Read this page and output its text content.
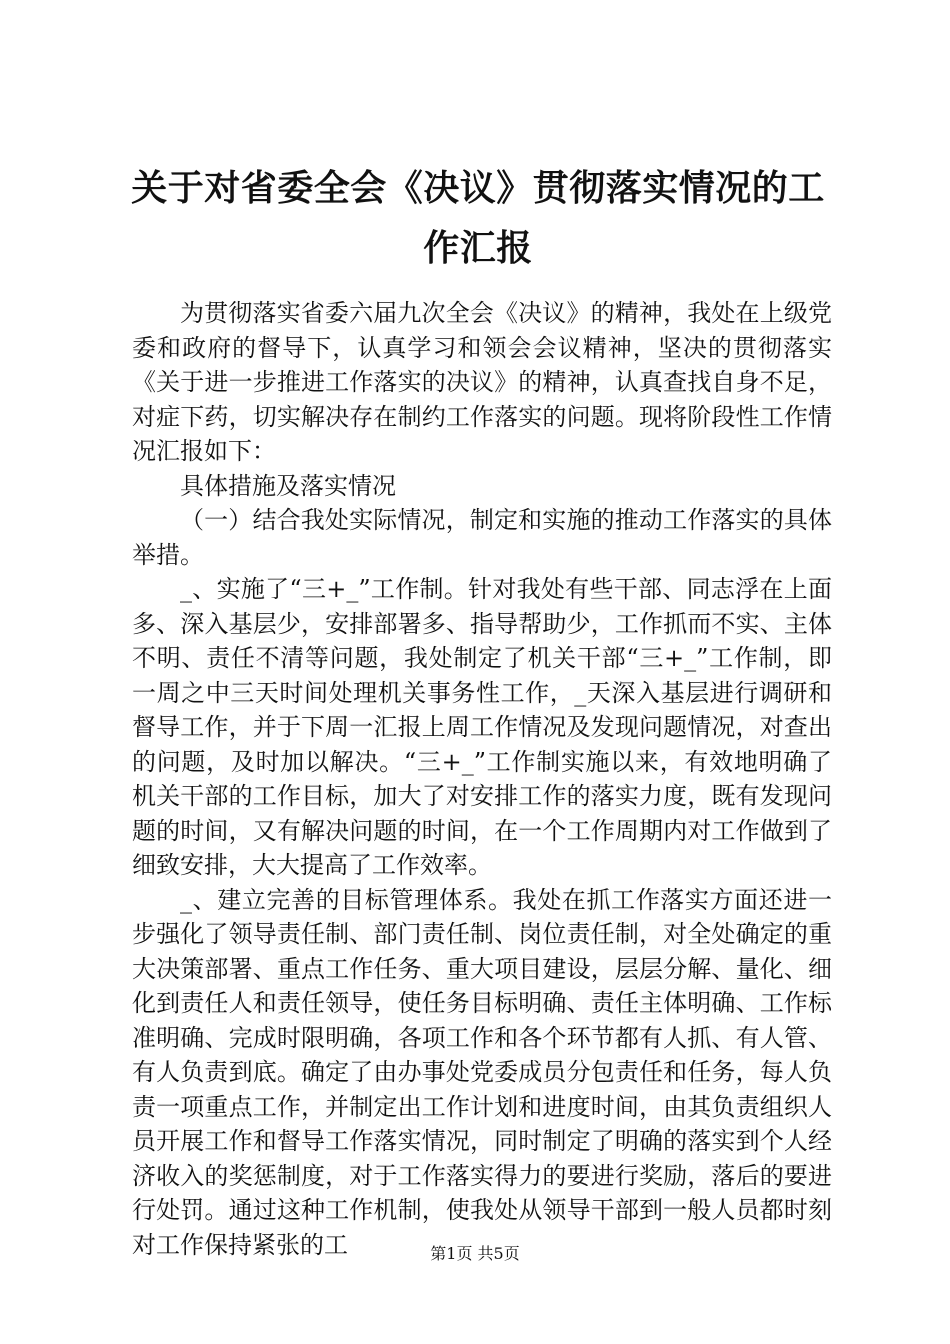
关于对省委全会《决议》贯彻落实情况的工作汇报

为贯彻落实省委六届九次全会《决议》的精神，我处在上级党委和政府的督导下，认真学习和领会会议精神，坚决的贯彻落实《关于进一步推进工作落实的决议》的精神，认真查找自身不足，对症下药，切实解决存在制约工作落实的问题。现将阶段性工作情况汇报如下：

具体措施及落实情况

（一）结合我处实际情况，制定和实施的推动工作落实的具体举措。

_、实施了“三+_”工作制。针对我处有些干部、同志浮在上面多、深入基层少，安排部署多、指导帮助少，工作抓而不实、主体不明、责任不清等问题，我处制定了机关干部“三+_”工作制，即一周之中三天时间处理机关事务性工作，_天深入基层进行调研和督导工作，并于下周一汇报上周工作情况及发现问题情况，对查出的问题，及时加以解决。“三+_”工作制实施以来，有效地明确了机关干部的工作目标，加大了对安排工作的落实力度，既有发现问题的时间，又有解决问题的时间，在一个工作周期内对工作做到了细致安排，大大提高了工作效率。

_、建立完善的目标管理体系。我处在抓工作落实方面还进一步强化了领导责任制、部门责任制、岗位责任制，对全处确定的重大决策部署、重点工作任务、重大项目建设，层层分解、量化、细化到责任人和责任领导，使任务目标明确、责任主体明确、工作标准明确、完成时限明确，各项工作和各个环节都有人抓、有人管、有人负责到底。确定了由办事处党委成员分包责任和任务，每人负责一项重点工作，并制定出工作计划和进度时间，由其负责组织人员开展工作和督导工作落实情况，同时制定了明确的落实到个人经济收入的奖惩制度，对于工作落实得力的要进行奖励，落后的要进行处罚。通过这种工作机制，使我处从领导干部到一般人员都时刻对工作保持紧张的工	第1页 共5页
